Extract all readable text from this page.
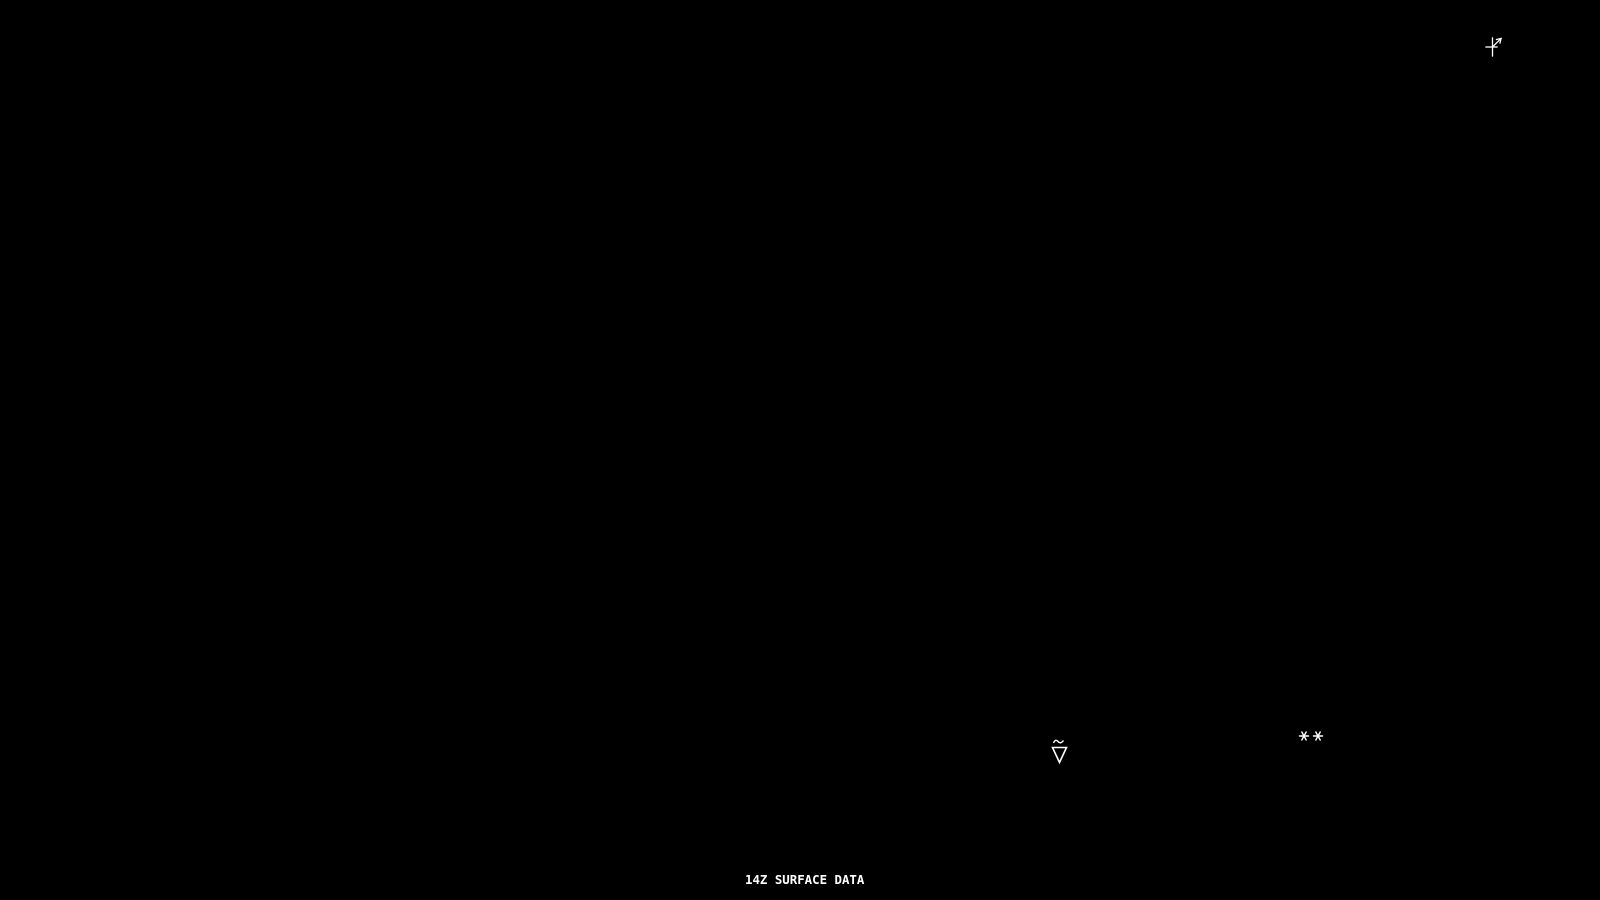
14Z SURFACE DATA
